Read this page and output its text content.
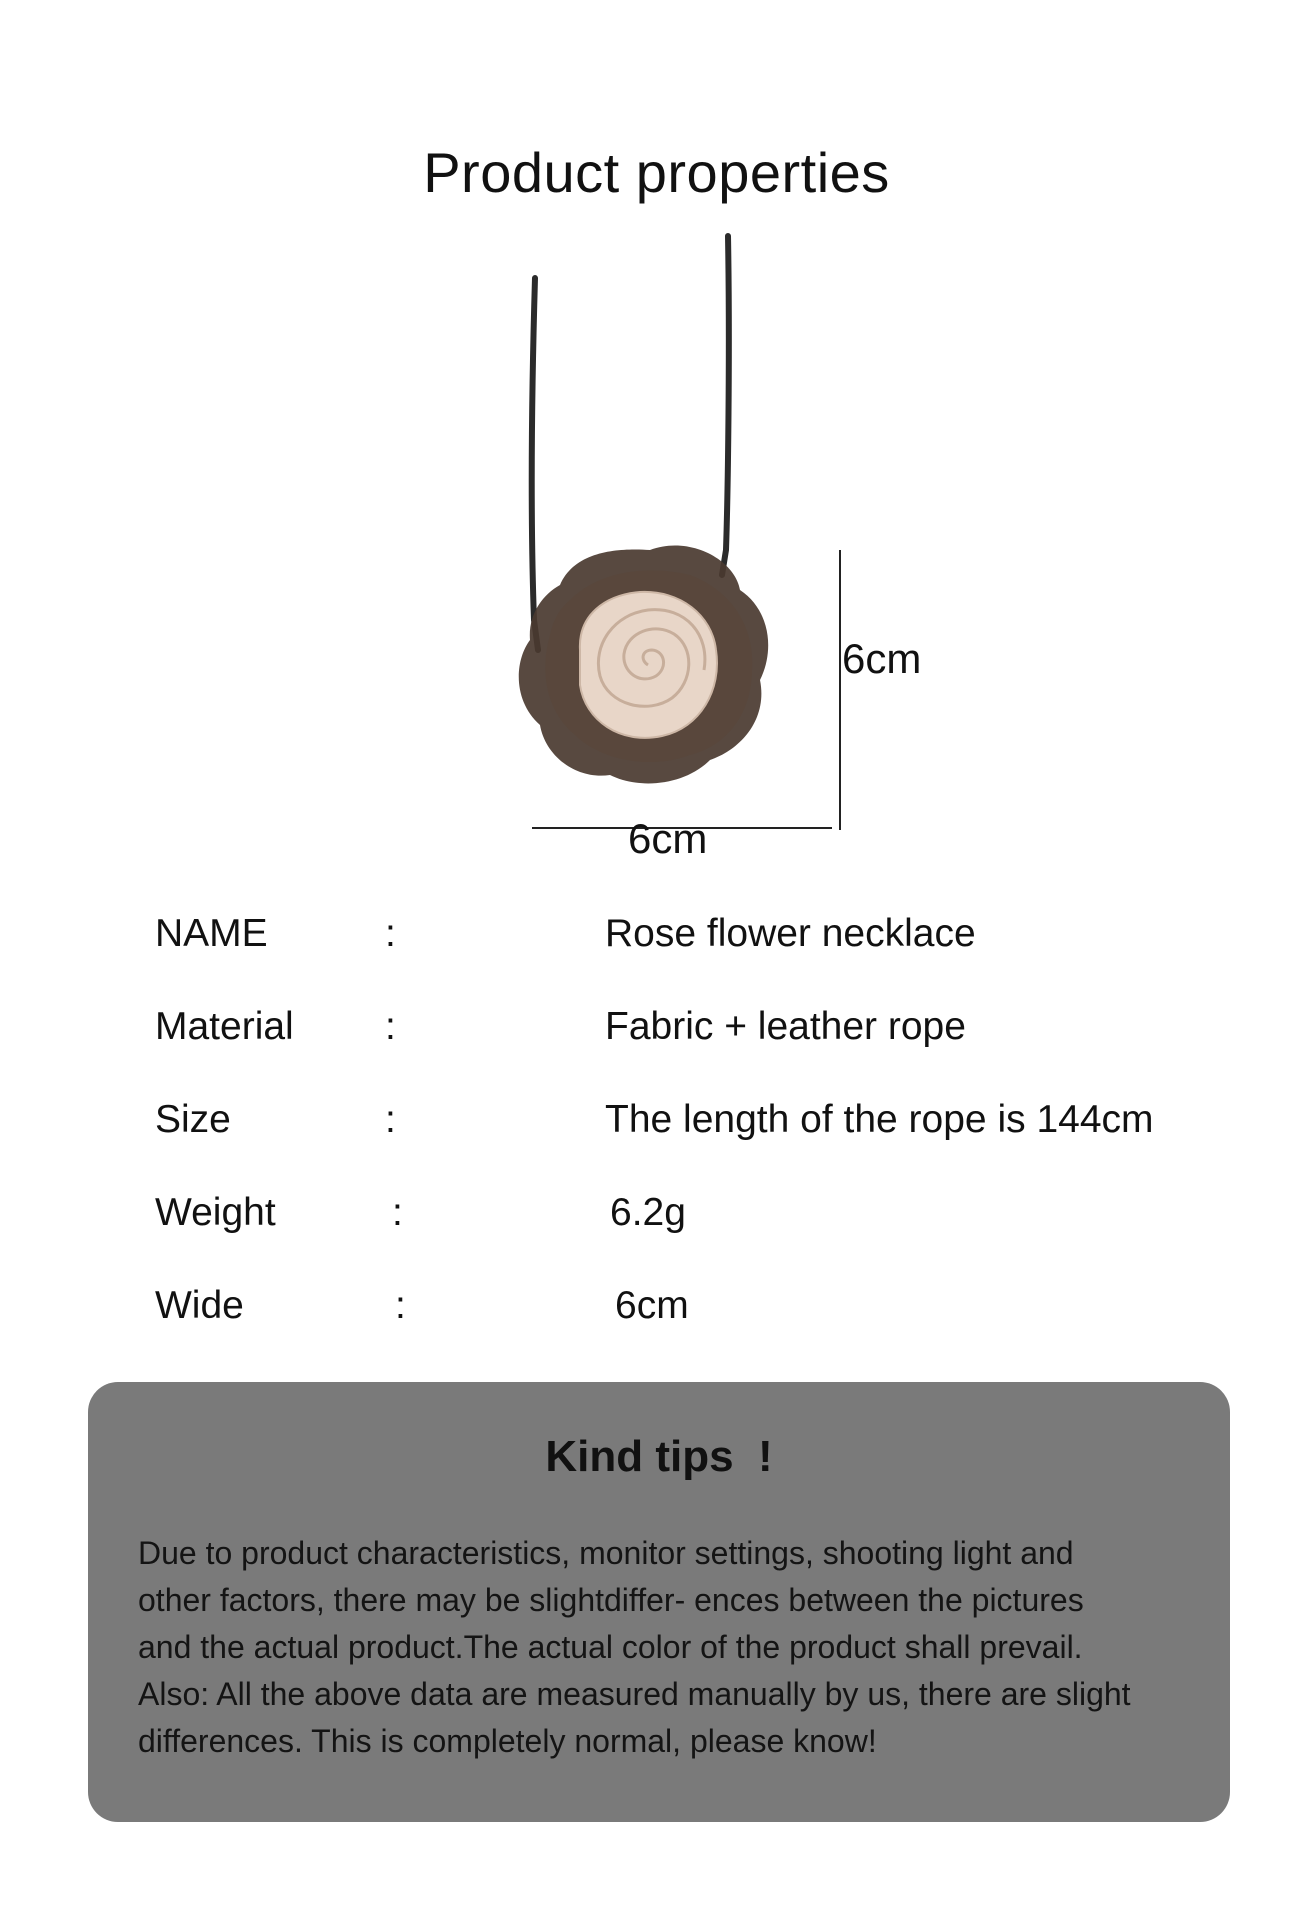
Product properties
6cm
6cm
NAME	:	Rose flower necklace
Material :	Fabric + leather rope
Size	:	The length of the rope is 144cm
Weight	:	6.2g
Wide	:	6cm
Kind tips  !

Due to product characteristics, monitor settings, shooting light and

other factors, there may be slightdiffer- ences between the pictures

and the actual product.The actual color of the product shall prevail.

Also: All the above data are measured manually by us, there are slight

differences. This is completely normal, please know!
